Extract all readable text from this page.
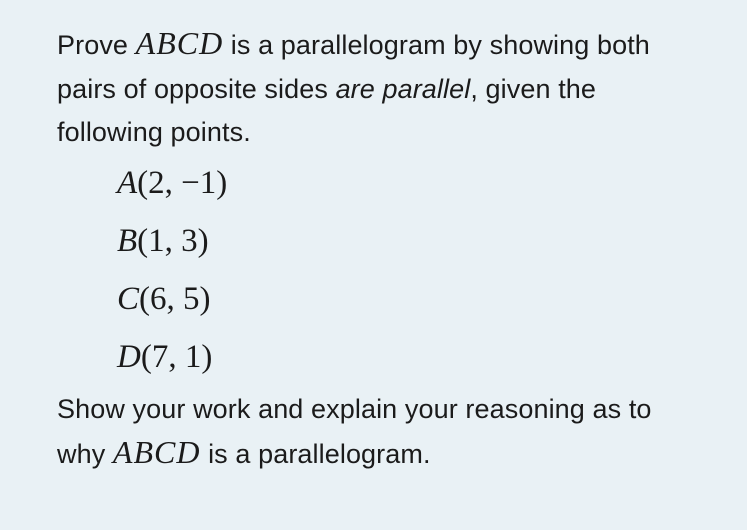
Prove ABCD is a parallelogram by showing both pairs of opposite sides are parallel, given the following points.

A(2, −1)
B(1, 3)
C(6, 5)
D(7, 1)

Show your work and explain your reasoning as to why ABCD is a parallelogram.
